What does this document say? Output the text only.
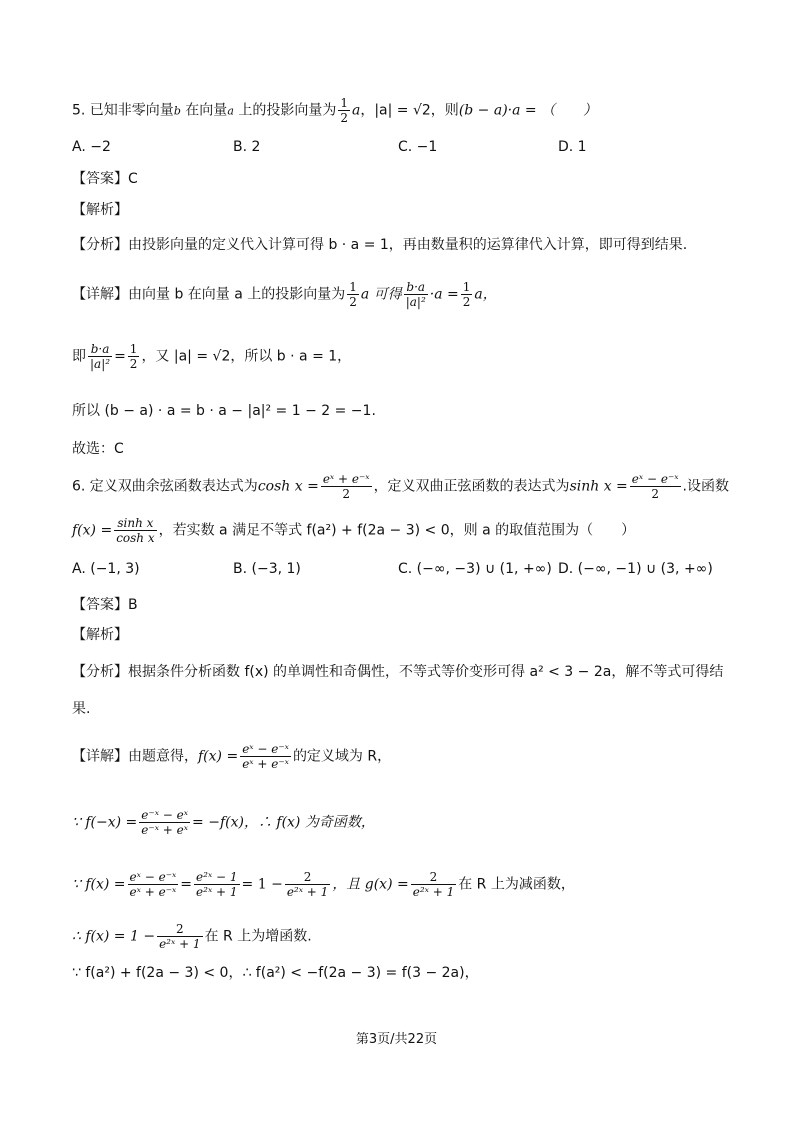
5. 已知非零向量b 在向量a 上的投影向量为 $\frac{1}{2}$ a，|a| = √2，则(b − a)·a = （　　）
A. −2	B. 2	C. −1	D. 1
【答案】C
【解析】
【分析】由投影向量的定义代入计算可得 b · a = 1，再由数量积的运算律代入计算，即可得到结果.
【详解】由向量 b 在向量 a 上的投影向量为 $\frac{1}{2}$ a 可得 $\frac{b\cdot a}{\text{|a|²}} \cdot a = \frac{1}{2}$ a，
即 $\frac{b\cdot a}{\text{|a|²}} = \frac{1}{2}$ ，又 |a| = √2，所以 b · a = 1，
所以 (b − a) · a = b · a − |a|² = 1 − 2 = −1.
故选：C
6. 定义双曲余弦函数表达式为$\cosh x = \frac{\text{eˣ + e⁻ˣ}}{2}$ ，定义双曲正弦函数的表达式为$\sinh x = \frac{\text{eˣ − e⁻ˣ}}{2}$ .设函数
$f(x) = \frac{\text{sinh x}}{\text{cosh x}}$ ，若实数 a 满足不等式 f(a²) + f(2a − 3) < 0，则 a 的取值范围为（　　）
A. (−1, 3)	B. (−3, 1)	C. (−∞, −3) ∪ (1, +∞) D. (−∞, −1) ∪ (3, +∞)
【答案】B
【解析】
【分析】根据条件分析函数 f(x) 的单调性和奇偶性，不等式等价变形可得 a² < 3 − 2a，解不等式可得结
果.
【详解】由题意得，$f(x) = \frac{\text{eˣ − e⁻ˣ}}{\text{eˣ + e⁻ˣ}}$ 的定义域为 R，
∵ $f(-x) = \frac{\text{e⁻ˣ − eˣ}}{\text{e⁻ˣ + eˣ}} = -f(x)$，∴ f(x) 为奇函数，
∵ $f(x) = \frac{\text{eˣ − e⁻ˣ}}{\text{eˣ + e⁻ˣ}} = \frac{\text{e²ˣ − 1}}{\text{e²ˣ + 1}} = 1 - \frac{2}{\text{e²ˣ + 1}}$ ，且 $g(x) = \frac{2}{\text{e²ˣ + 1}}$ 在 R 上为减函数，
∴ $f(x) = 1 - \frac{2}{\text{e²ˣ + 1}}$ 在 R 上为增函数.
∵ f(a²) + f(2a − 3) < 0，∴ f(a²) < −f(2a − 3) = f(3 − 2a)，
第3页/共22页
